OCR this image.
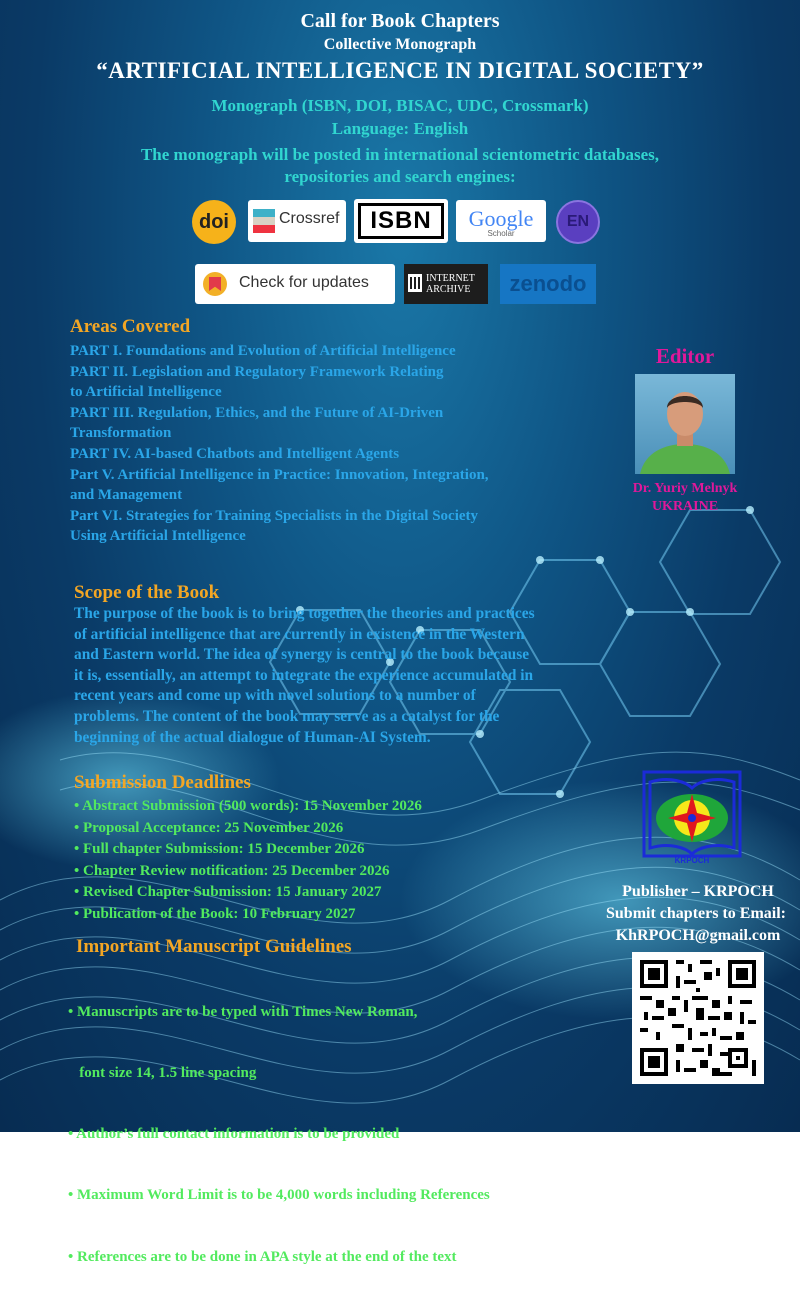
Call for Book Chapters
Collective Monograph
“ARTIFICIAL INTELLIGENCE IN DIGITAL SOCIETY”
Monograph (ISBN, DOI, BISAC, UDC, Crossmark)
Language: English
The monograph will be posted in international scientometric databases,
repositories and search engines:
doi	Crossref	ISBN	Google
Scholar
EN
Check for updates	INTERNET
ARCHIVE	zenodo
Areas Covered
PART I. Foundations and Evolution of Artificial Intelligence
PART II. Legislation and Regulatory Framework Relating
to Artificial Intelligence
PART III. Regulation, Ethics, and the Future of AI-Driven
Transformation
PART IV. AI-based Chatbots and Intelligent Agents
Part V. Artificial Intelligence in Practice: Innovation, Integration,
and Management
Part VI. Strategies for Training Specialists in the Digital Society
Using Artificial Intelligence
Editor
Dr. Yuriy Melnyk
UKRAINE
Scope of the Book
The purpose of the book is to bring together the theories and practices
of artificial intelligence that are currently in existence in the Western
and Eastern world. The idea of synergy is central to the book because
it is, essentially, an attempt to integrate the experience accumulated in
recent years and come up with novel solutions to a number of
problems. The content of the book may serve as a catalyst for the
beginning of the actual dialogue of Human-AI System.
Submission Deadlines
• Abstract Submission (500 words): 15 November 2026
• Proposal Acceptance: 25 November 2026
• Full chapter Submission: 15 December 2026
• Chapter Review notification: 25 December 2026
• Revised Chapter Submission: 15 January 2027
• Publication of the Book: 10 February 2027
Important Manuscript Guidelines

• Manuscripts are to be typed with Times New Roman,

font size 14, 1.5 line spacing

• Author’s full contact information is to be provided

• Maximum Word Limit is to be 4,000 words including References

• References are to be done in APA style at the end of the text

KRPOCH
Publisher – KRPOCH
Submit chapters to Email:
KhRPOCH@gmail.com
